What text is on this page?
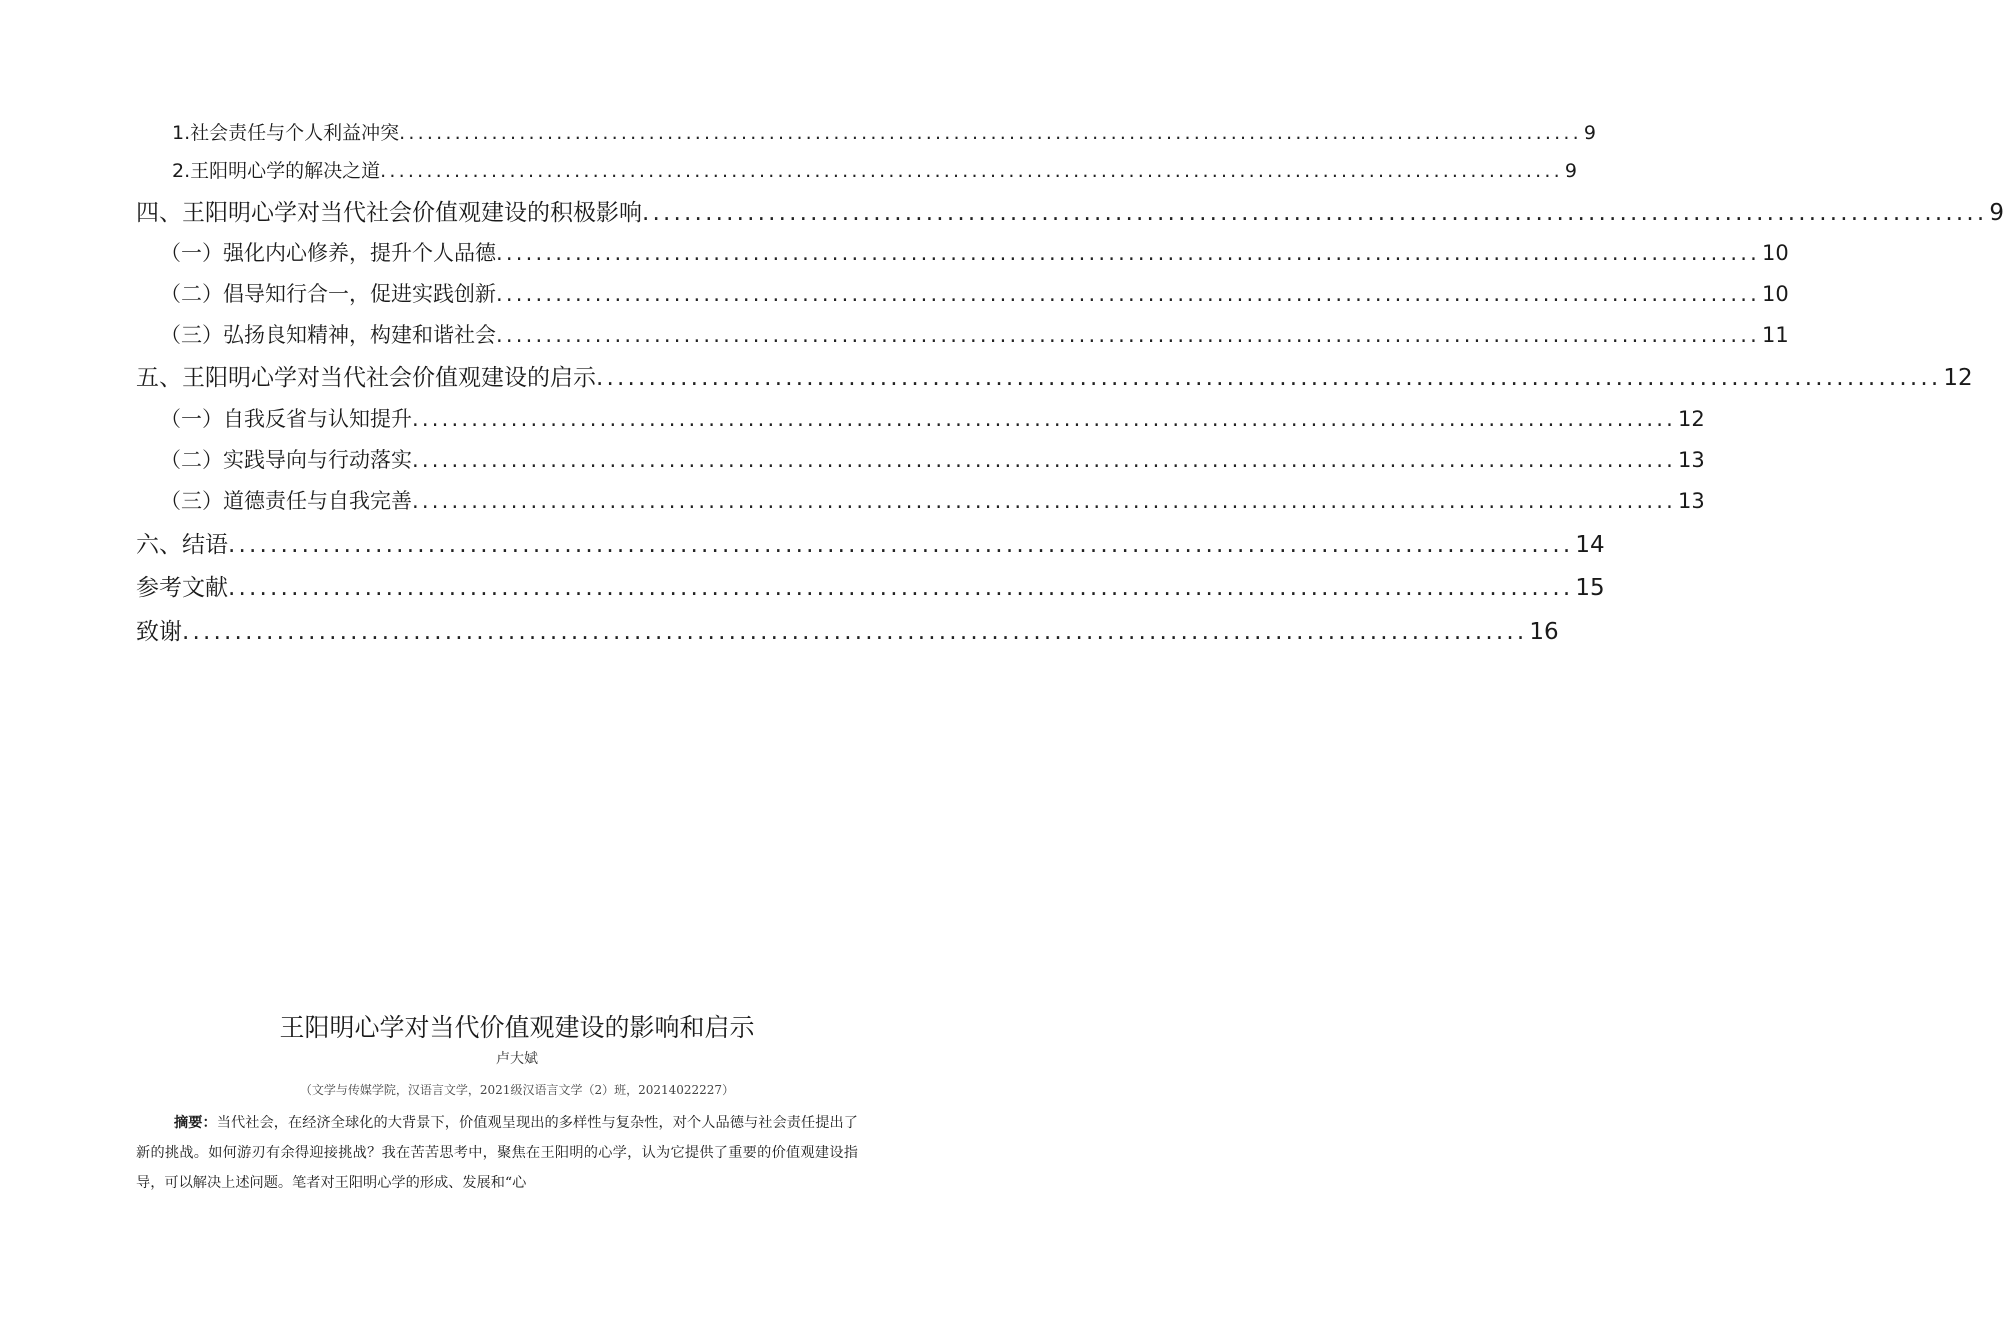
1.社会责任与个人利益冲突 ................................................................................................................................ 9
2.王阳明心学的解决之道 ................................................................................................................................ 9
四、王阳明心学对当代社会价值观建设的积极影响 ................................................................................................................................ 9
（一）强化内心修养，提升个人品德 ................................................................................................................................ 10
（二）倡导知行合一，促进实践创新 ................................................................................................................................ 10
（三）弘扬良知精神，构建和谐社会 ................................................................................................................................ 11
五、王阳明心学对当代社会价值观建设的启示 ................................................................................................................................ 12
（一）自我反省与认知提升 ................................................................................................................................ 12
（二）实践导向与行动落实 ................................................................................................................................ 13
（三）道德责任与自我完善 ................................................................................................................................ 13
六、结语 ................................................................................................................................ 14
参考文献 ................................................................................................................................ 15
致谢 ................................................................................................................................ 16
王阳明心学对当代价值观建设的影响和启示
卢大娬
（文学与传媒学院，汉语言文学，2021级汉语言文学（2）班，20214022227）
摘要：当代社会，在经济全球化的大背景下，价值观呈现出的多样性与复杂性，对个人品德与社会责任提出了新的挑战。如何游刃有余得迎接挑战？我在苦苦思考中，聚焦在王阳明的心学，认为它提供了重要的价值观建设指导，可以解决上述问题。笔者对王阳明心学的形成、发展和“心
